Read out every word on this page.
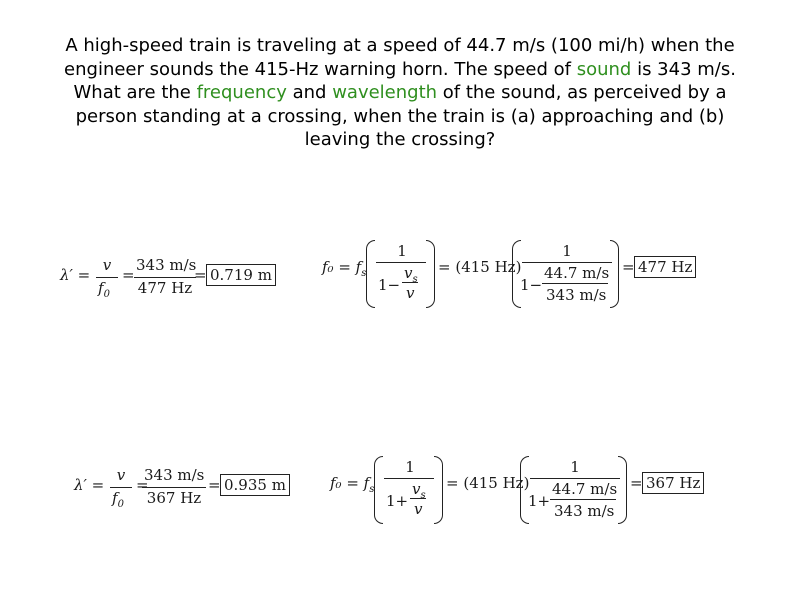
A high-speed train is traveling at a speed of 44.7 m/s (100 mi/h) when the engineer sounds the 415-Hz warning horn. The speed of sound is 343 m/s. What are the frequency and wavelength of the sound, as perceived by a person standing at a crossing, when the train is (a) approaching and (b) leaving the crossing?
λ′ =
v
$f_0$
=
343 m/s
477 Hz
= 0.719 m	$f_0 = f_s$
1
1−
$v_s$
v
= (415 Hz)
1
1−
44.7 m/s
343 m/s
= 477 Hz
λ′ =
v
$f_0$
=
343 m/s
367 Hz
= 0.935 m	$f_0 = f_s$
1
1+
$v_s$
v
= (415 Hz)
1
1+
44.7 m/s
343 m/s
= 367 Hz
